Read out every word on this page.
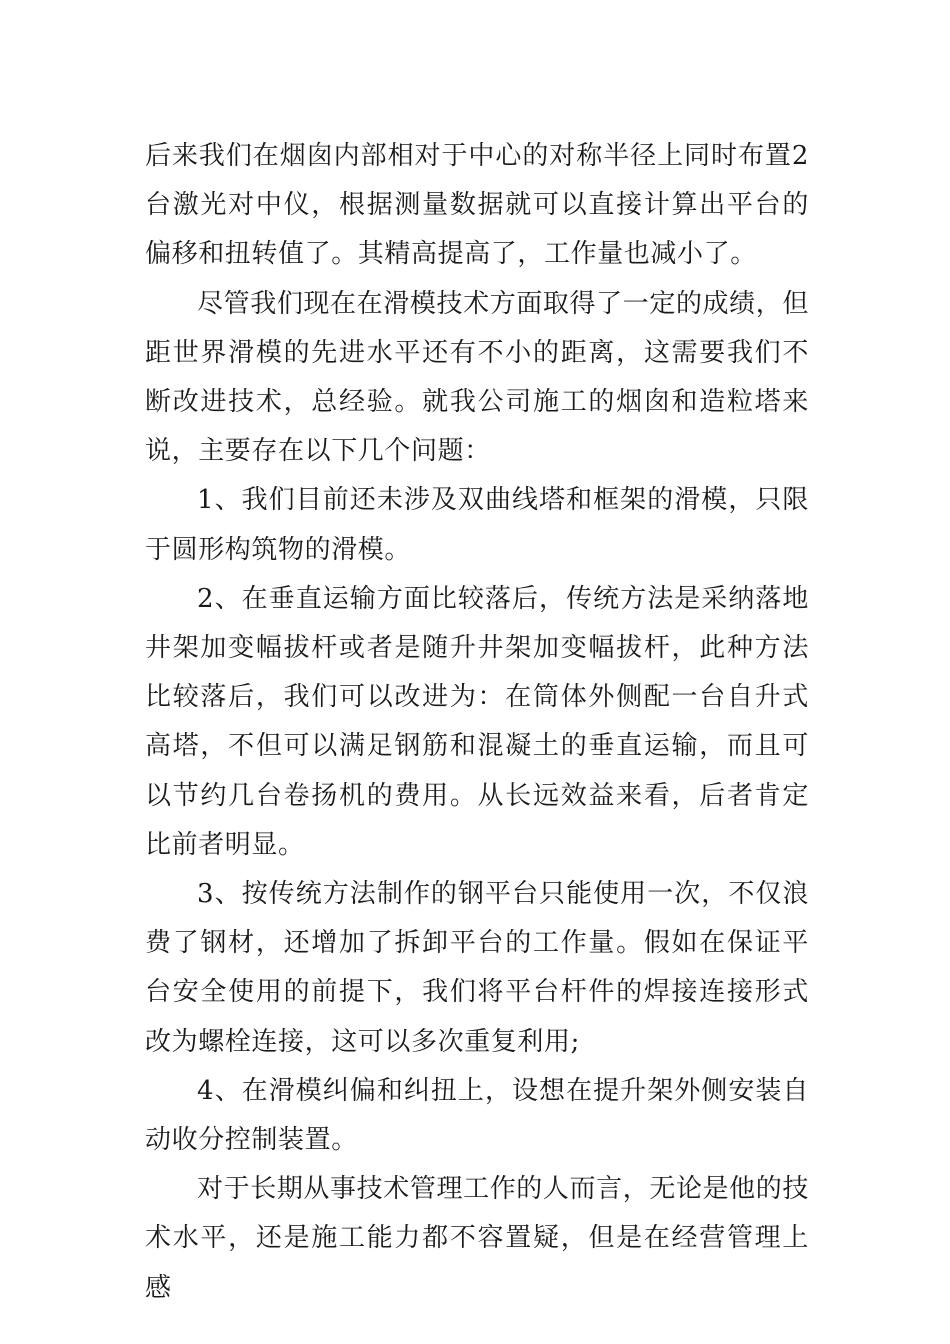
后来我们在烟囱内部相对于中心的对称半径上同时布置2台激光对中仪，根据测量数据就可以直接计算出平台的偏移和扭转值了。其精高提高了，工作量也减小了。

尽管我们现在在滑模技术方面取得了一定的成绩，但距世界滑模的先进水平还有不小的距离，这需要我们不断改进技术，总经验。就我公司施工的烟囱和造粒塔来说，主要存在以下几个问题：

1、我们目前还未涉及双曲线塔和框架的滑模，只限于圆形构筑物的滑模。

2、在垂直运输方面比较落后，传统方法是采纳落地井架加变幅拔杆或者是随升井架加变幅拔杆，此种方法比较落后，我们可以改进为：在筒体外侧配一台自升式高塔，不但可以满足钢筋和混凝土的垂直运输，而且可以节约几台卷扬机的费用。从长远效益来看，后者肯定比前者明显。

3、按传统方法制作的钢平台只能使用一次，不仅浪费了钢材，还增加了拆卸平台的工作量。假如在保证平台安全使用的前提下，我们将平台杆件的焊接连接形式改为螺栓连接，这可以多次重复利用;

4、在滑模纠偏和纠扭上，设想在提升架外侧安装自动收分控制装置。

对于长期从事技术管理工作的人而言，无论是他的技术水平，还是施工能力都不容置疑，但是在经营管理上感
